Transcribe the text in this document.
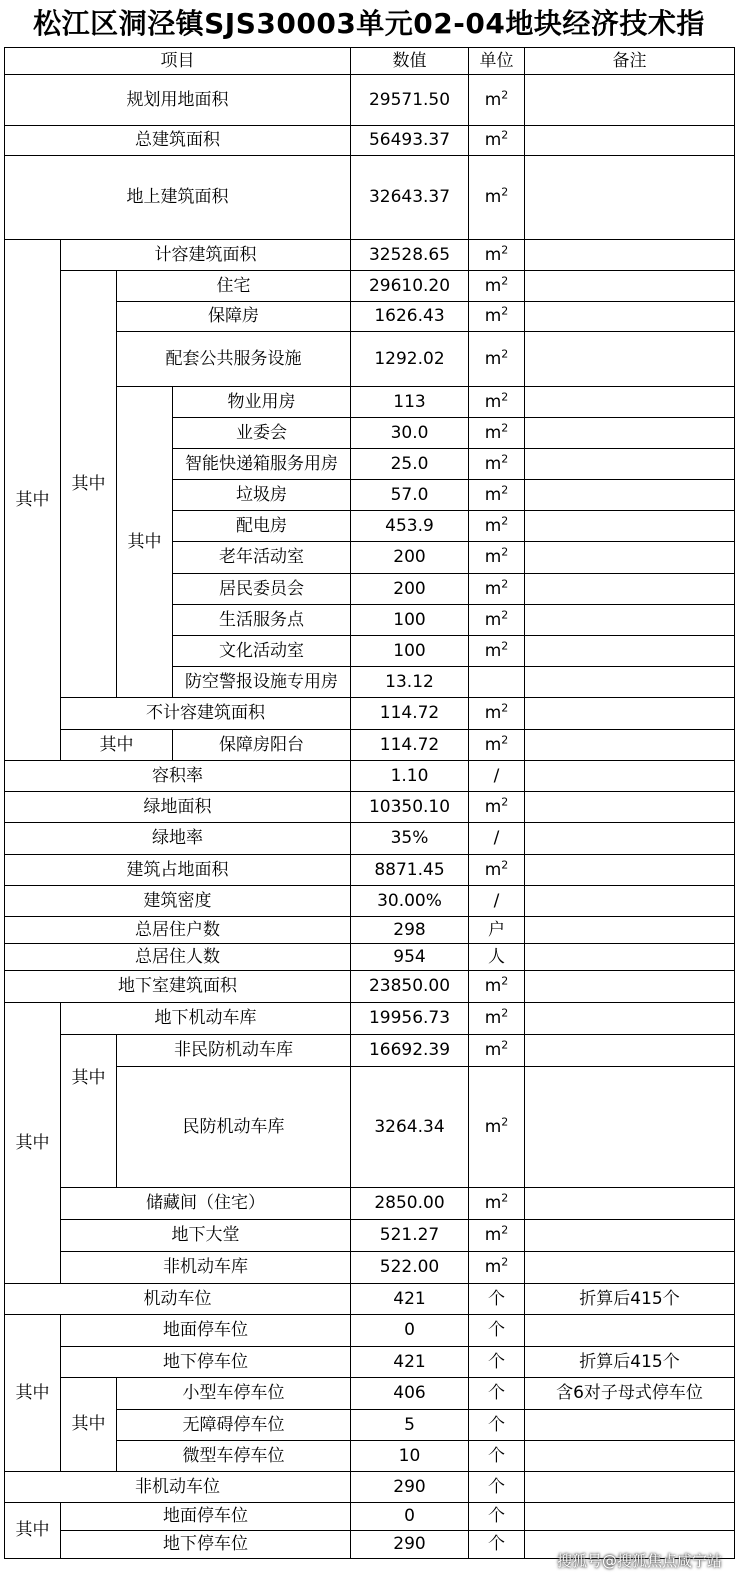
松江区洞泾镇SJS30003单元02-04地块经济技术指
项目				数值	单位	备注
规划用地面积				29571.50	$m^2$	
总建筑面积				56493.37	$m^2$	
地上建筑面积				32643.37	$m^2$	
其中	计容建筑面积			32528.65	$m^2$	
	其中	住宅		29610.20	$m^2$	
		保障房		1626.43	$m^2$	
		配套公共服务设施		1292.02	$m^2$	
		其中	物业用房	113	$m^2$	
			业委会	30.0	$m^2$	
			智能快递箱服务用房	25.0	$m^2$	
			垃圾房	57.0	$m^2$	
			配电房	453.9	$m^2$	
			老年活动室	200	$m^2$	
			居民委员会	200	$m^2$	
			生活服务点	100	$m^2$	
			文化活动室	100	$m^2$	
			防空警报设施专用房	13.12		
	不计容建筑面积			114.72	$m^2$	
	其中		保障房阳台	114.72	$m^2$	
容积率				1.10	/	
绿地面积				10350.10	$m^2$	
绿地率				35%	/	
建筑占地面积				8871.45	$m^2$	
建筑密度				30.00%	/	
总居住户数				298	户	
总居住人数				954	人	
地下室建筑面积				23850.00	$m^2$	
其中	地下机动车库			19956.73	$m^2$	
	其中	非民防机动车库		16692.39	$m^2$	
		民防机动车库		3264.34	$m^2$	
	储藏间（住宅）			2850.00	$m^2$	
	地下大堂			521.27	$m^2$	
	非机动车库			522.00	$m^2$	
机动车位				421	个	折算后415个
其中	地面停车位			0	个	
	地下停车位			421	个	折算后415个
	其中	小型车停车位		406	个	含6对子母式停车位
		无障碍停车位		5	个	
		微型车停车位		10	个	
非机动车位				290	个	
其中	地面停车位			0	个	
	地下停车位			290	个	
搜狐号@搜狐焦点咸宁站
